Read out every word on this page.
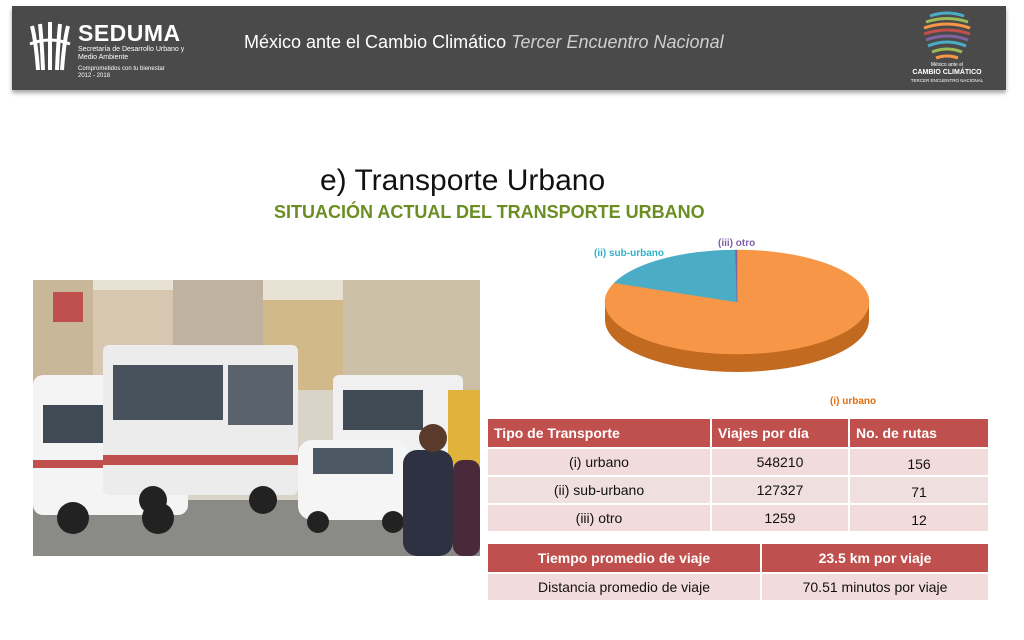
SEDUMA
Secretaría de Desarrollo Urbano y Medio Ambiente
Comprometidos con tu bienestar
2012 - 2018
México ante el Cambio Climático Tercer Encuentro Nacional
México ante el
CAMBIO CLIMÁTICO
TERCER ENCUENTRO NACIONAL
e) Transporte Urbano
SITUACIÓN ACTUAL DEL TRANSPORTE URBANO
(i) urbano
(ii) sub-urbano
(iii) otro
Tipo de Transporte	Viajes por día	No. de rutas
(i) urbano	548210	156
(ii) sub-urbano	127327	71
(iii) otro	1259	12
Tiempo promedio de viaje	23.5 km por viaje
Distancia promedio de viaje	70.51 minutos por viaje
